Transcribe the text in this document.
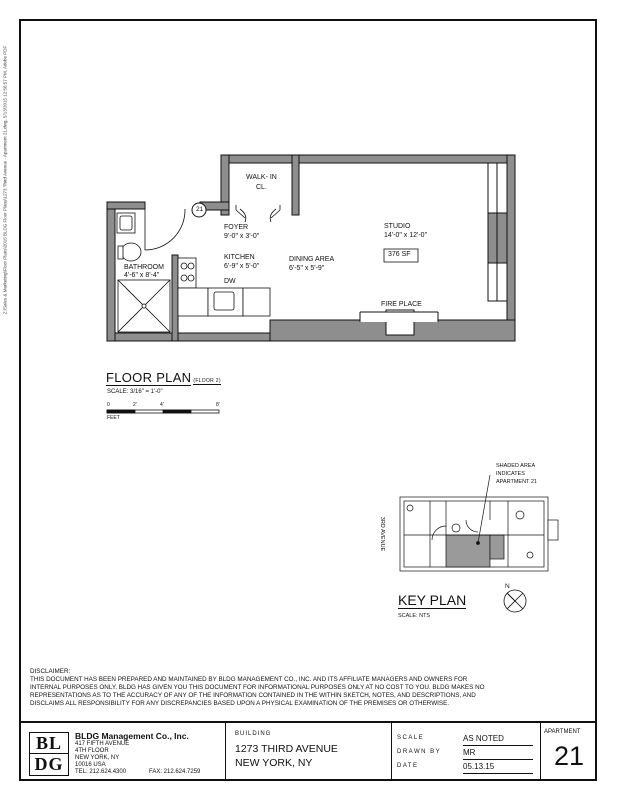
Z:\Sales & Marketing\Floor Plans\2015 BLDG Floor Plans\1273 Third Avenue - Apartment 21.dwg, 5/13/2015 12:56:57 PM, Adobe PDF	WALK- IN
CL.
21
FOYER
9'-0" x 3'-0"
KITCHEN
6'-9" x 5'-0"
DW
BATHROOM
4'-6" x 8'-4"
DINING AREA
6'-5" x 5'-9"
STUDIO
14'-0" x 12'-0"
376 SF
FIRE PLACE
FLOOR PLAN (FLOOR 2)
SCALE: 3/16" = 1'-0"
0	2'	4'	8'
FEET
SHADED AREA
INDICATES
APARTMENT 21
3RD AVENUE
N
KEY PLAN
SCALE: NTS
DISCLAIMER:
THIS DOCUMENT HAS BEEN PREPARED AND MAINTAINED BY BLDG MANAGEMENT CO., INC. AND ITS AFFILIATE MANAGERS AND OWNERS FOR
INTERNAL PURPOSES ONLY. BLDG HAS GIVEN YOU THIS DOCUMENT FOR INFORMATIONAL PURPOSES ONLY AT NO COST TO YOU. BLDG MAKES NO
REPRESENTATIONS AS TO THE ACCURACY OF ANY OF THE INFORMATION CONTAINED IN THE WITHIN SKETCH, NOTES, AND DESCRIPTIONS, AND
DISCLAIMS ALL RESPONSIBILITY FOR ANY DISCREPANCIES BASED UPON A PHYSICAL EXAMINATION OF THE PREMISES OR OTHERWISE.
BL
DG
BLDG Management Co., Inc.
417 FIFTH AVENUE
4TH FLOOR
NEW YORK, NY
10016 USA
TEL: 212.624.4300	FAX: 212.624.7259
BUILDING
1273 THIRD AVENUE
NEW YORK, NY
SCALE	AS NOTED
DRAWN BY	MR
DATE	05.13.15
APARTMENT
21
